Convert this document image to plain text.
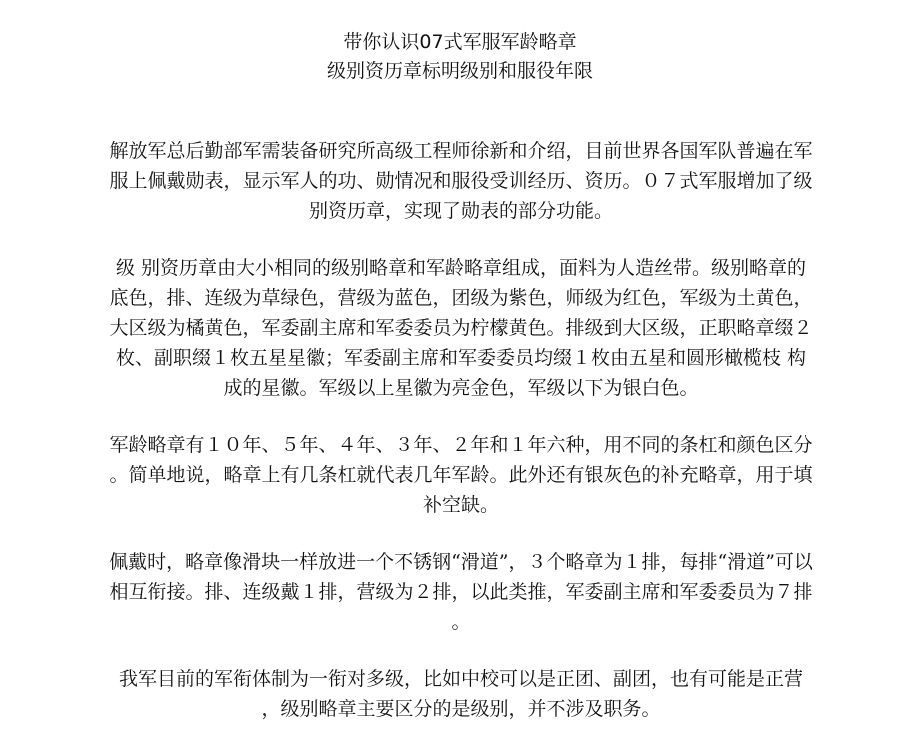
带你认识07式军服军龄略章
级别资历章标明级别和服役年限

解放军总后勤部军需装备研究所高级工程师徐新和介绍，目前世界各国军队普遍在军
服上佩戴勋表，显示军人的功、勋情况和服役受训经历、资历。０７式军服增加了级
别资历章，实现了勋表的部分功能。

级 别资历章由大小相同的级别略章和军龄略章组成，面料为人造丝带。级别略章的
底色，排、连级为草绿色，营级为蓝色，团级为紫色，师级为红色，军级为土黄色，
大区级为橘黄色，军委副主席和军委委员为柠檬黄色。排级到大区级，正职略章缀２
枚、副职缀１枚五星星徽；军委副主席和军委委员均缀１枚由五星和圆形橄榄枝 构
成的星徽。军级以上星徽为亮金色，军级以下为银白色。

军龄略章有１０年、５年、４年、３年、２年和１年六种，用不同的条杠和颜色区分
。简单地说，略章上有几条杠就代表几年军龄。此外还有银灰色的补充略章，用于填
补空缺。

佩戴时，略章像滑块一样放进一个不锈钢“滑道”，３个略章为１排，每排“滑道”可以
相互衔接。排、连级戴１排，营级为２排，以此类推，军委副主席和军委委员为７排
。

我军目前的军衔体制为一衔对多级，比如中校可以是正团、副团，也有可能是正营
，级别略章主要区分的是级别，并不涉及职务。
